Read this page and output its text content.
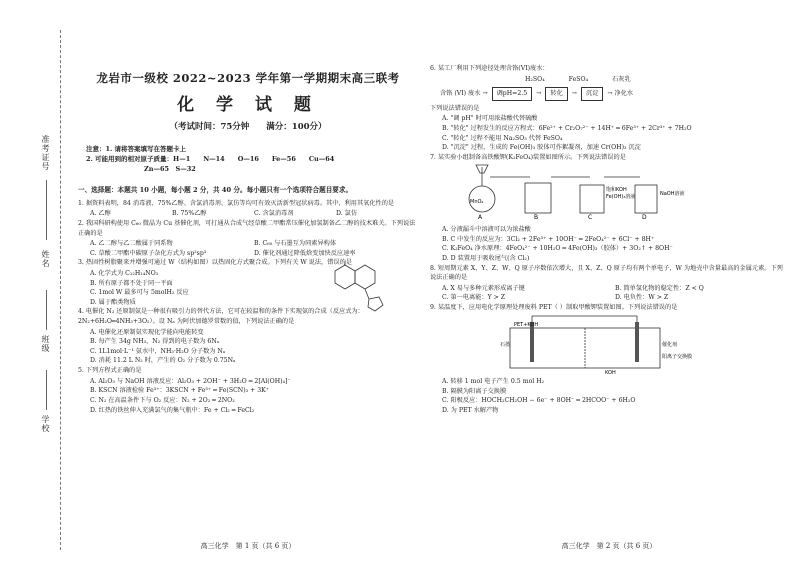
准考证号
姓名
班级
学校
龙岩市一级校 2022~2023 学年第一学期期末高三联考
化 学 试 题
（考试时间：75分钟　　满分：100分）
注意：1. 请将答案填写在答题卡上
2. 可能用到的相对原子质量：H—1　　N—14　　O—16　　Fe—56　　Cu—64
Zn—65　S—32
一、选择题：本题共 10 小题，每小题 2 分，共 40 分。每小题只有一个选项符合题目要求。
1. 据资料表明，84 消毒液、75%乙醇、含氯消毒剂、氯仿等均可有效灭活新型冠状病毒。其中，利用其氧化性的是
A. 乙醇	B. 75%乙醇	C. 含氯消毒剂	D. 氯仿
2. 我国科研构使用 C₆₀ 微晶为 Cu 基催化剂，可打通从合成气经草酸二甲酯常压催化加氢制备乙二醇的技术难关。下列说法正确的是
A. 乙二醇与乙二酸属于同系物	B. C₆₀ 与石墨互为同素异构体
C. 草酸二甲酯中碳原子杂化方式为 sp²sp³	D. 催化剂通过降低焓变加快反应速率
3. 热固性树脂聚来并增强可通过 W（结构如图）以热固化方式聚合成。下列有关 W 说法，错误的是
A. 化学式为 C₁₂H₁₄NO₃
B. 所有原子都不处于同一平面
C. 1mol W 最多可与 5molH₂ 反应
D. 属于酯类物质
4. 电催化 N₂ 还原制氨是一种很有吸引力的替代方法，它可在较温和的条件下实现氨的合成（反应式为：2N₂+6H₂O═4NH₃+3O₂）。设 Nₐ 为阿伏加德罗常数的值，下列说法正确的是
A. 电催化还原制氨实现化学能向电能转变
B. 每产生 34g NH₃，N₂ 得到的电子数为 6Nₐ
C. 1L1mol·L⁻¹ 氨水中，NH₃·H₂O 分子数为 Nₐ
D. 消耗 11.2 L N₂ 时，产生的 O₂ 分子数为 0.75Nₐ
5. 下列方程式正确的是
A. Al₂O₃ 与 NaOH 溶液反应：Al₂O₃ + 2OH⁻ + 3H₂O ═ 2[Al(OH)₄]⁻
B. KSCN 溶液检验 Fe³⁺：3KSCN + Fe³⁺ ═ Fe(SCN)₃ + 3K⁺
C. N₂ 在高温条件下与 O₂ 反应：N₂ + 2O₂ ═ 2NO₂
D. 红热的铁丝伸入充满氯气的集气瓶中：Fe + Cl₂ ═ FeCl₂
高三化学　第 1 页（共 6 页）
6. 某工厂利用下列途径处理含铬(VI)废水：
H₂SO₄	FeSO₄	石灰乳
含铬 (VI) 废水 →	调pH=2.5	→	转化	→	沉淀	→ 净化水
下列说法错误的是
A. "调 pH" 时可用浓盐酸代替硫酸
B. "转化" 过程发生的反应方程式：6Fe²⁺ + Cr₂O₇²⁻ + 14H⁺ ═ 6Fe³⁺ + 2Cr³⁺ + 7H₂O
C. "转化" 过程不能用 Na₂SO₃ 代替 FeSO₄
D. "沉淀" 过程，生成的 Fe(OH)₃ 胶体可作絮凝剂，加速 Cr(OH)₃ 沉淀
7. 某实验小组制备高铁酸钾(K₂FeO₄)装置如图所示。下列说法错误的是
A	B	C	D
MnO₂
饱和KOH
Fe(OH)₃溶液	NaOH溶液
A. 分液漏斗中溶液可以为浓盐酸
B. C 中发生的反应为：3Cl₂ + 2Fe³⁺ + 10OH⁻ ═ 2FeO₄²⁻ + 6Cl⁻ + 8H⁺
C. K₂FeO₄ 净水原理：4FeO₄²⁻ + 10H₂O ═ 4Fe(OH)₃（胶体）+ 3O₂↑ + 8OH⁻
D. D 装置用于吸收尾气(含 Cl₂)
8. 短周期元素 X、Y、Z、W、Q 原子序数依次增大，且 X、Z、Q 原子均有两个单电子，W 为地壳中含量最高的金属元素。下列说法正确的是
A. X 易与多种元素形成离子键	B. 简单氢化物的稳定性：Z < Q
C. 第一电离能：Y > Z	D. 电负性：W > Z
9. 某温度下，应用电化学原理处理废料 PET（ ）制取甲酸钾装置如图。下列说法错误的是
PET+KOH
KOH
石墨	催化剂
阳离子交换膜
A. 转移 1 mol 电子产生 0.5 mol H₂
B. 隔膜为阳离子交换膜
C. 阳极反应：HOCH₂CH₂OH − 6e⁻ + 8OH⁻ ═ 2HCOO⁻ + 6H₂O
D. 为 PET 水解产物
高三化学　第 2 页（共 6 页）
